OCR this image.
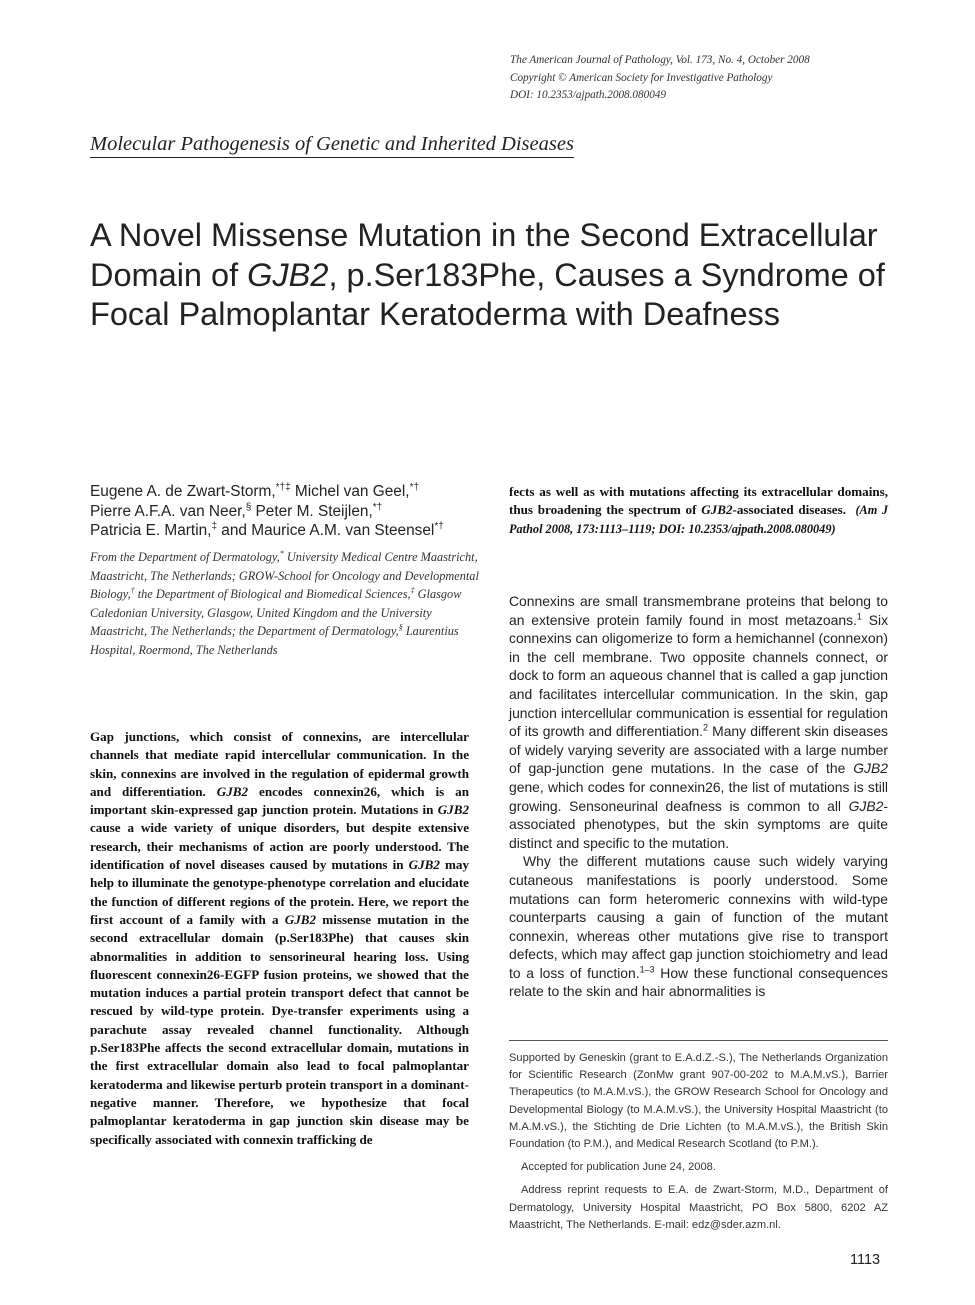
The American Journal of Pathology, Vol. 173, No. 4, October 2008
Copyright © American Society for Investigative Pathology
DOI: 10.2353/ajpath.2008.080049
Molecular Pathogenesis of Genetic and Inherited Diseases
A Novel Missense Mutation in the Second Extracellular Domain of GJB2, p.Ser183Phe, Causes a Syndrome of Focal Palmoplantar Keratoderma with Deafness
Eugene A. de Zwart-Storm,*†‡ Michel van Geel,*†
Pierre A.F.A. van Neer,§ Peter M. Steijlen,*†
Patricia E. Martin,‡ and Maurice A.M. van Steensel*†
From the Department of Dermatology,* University Medical Centre Maastricht, Maastricht, The Netherlands; GROW-School for Oncology and Developmental Biology,† the Department of Biological and Biomedical Sciences,‡ Glasgow Caledonian University, Glasgow, United Kingdom and the University Maastricht, The Netherlands; the Department of Dermatology,§ Laurentius Hospital, Roermond, The Netherlands

Gap junctions, which consist of connexins, are intercellular channels that mediate rapid intercellular communication. In the skin, connexins are involved in the regulation of epidermal growth and differentiation. GJB2 encodes connexin26, which is an important skin-expressed gap junction protein. Mutations in GJB2 cause a wide variety of unique disorders, but despite extensive research, their mechanisms of action are poorly understood. The identification of novel diseases caused by mutations in GJB2 may help to illuminate the genotype-phenotype correlation and elucidate the function of different regions of the protein. Here, we report the first account of a family with a GJB2 missense mutation in the second extracellular domain (p.Ser183Phe) that causes skin abnormalities in addition to sensorineural hearing loss. Using fluorescent connexin26-EGFP fusion proteins, we showed that the mutation induces a partial protein transport defect that cannot be rescued by wild-type protein. Dye-transfer experiments using a parachute assay revealed channel functionality. Although p.Ser183Phe affects the second extracellular domain, mutations in the first extracellular domain also lead to focal palmoplantar keratoderma and likewise perturb protein transport in a dominant-negative manner. Therefore, we hypothesize that focal palmoplantar keratoderma in gap junction skin disease may be specifically associated with connexin trafficking de

fects as well as with mutations affecting its extracellular domains, thus broadening the spectrum of GJB2-associated diseases. (Am J Pathol 2008, 173:1113–1119; DOI: 10.2353/ajpath.2008.080049)

Connexins are small transmembrane proteins that belong to an extensive protein family found in most metazoans.$^1$ Six connexins can oligomerize to form a hemichannel (connexon) in the cell membrane. Two opposite channels connect, or dock to form an aqueous channel that is called a gap junction and facilitates intercellular communication. In the skin, gap junction intercellular communication is essential for regulation of its growth and differentiation.$^2$ Many different skin diseases of widely varying severity are associated with a large number of gap-junction gene mutations. In the case of the GJB2 gene, which codes for connexin26, the list of mutations is still growing. Sensoneurinal deafness is common to all GJB2-associated phenotypes, but the skin symptoms are quite distinct and specific to the mutation.

Why the different mutations cause such widely varying cutaneous manifestations is poorly understood. Some mutations can form heteromeric connexins with wild-type counterparts causing a gain of function of the mutant connexin, whereas other mutations give rise to transport defects, which may affect gap junction stoichiometry and lead to a loss of function.$^{1-3}$ How these functional consequences relate to the skin and hair abnormalities is

Supported by Geneskin (grant to E.A.d.Z.-S.), The Netherlands Organization for Scientific Research (ZonMw grant 907-00-202 to M.A.M.vS.), Barrier Therapeutics (to M.A.M.vS.), the GROW Research School for Oncology and Developmental Biology (to M.A.M.vS.), the University Hospital Maastricht (to M.A.M.vS.), the Stichting de Drie Lichten (to M.A.M.vS.), the British Skin Foundation (to P.M.), and Medical Research Scotland (to P.M.).

Accepted for publication June 24, 2008.

Address reprint requests to E.A. de Zwart-Storm, M.D., Department of Dermatology, University Hospital Maastricht, PO Box 5800, 6202 AZ Maastricht, The Netherlands. E-mail: edz@sder.azm.nl.

1113
